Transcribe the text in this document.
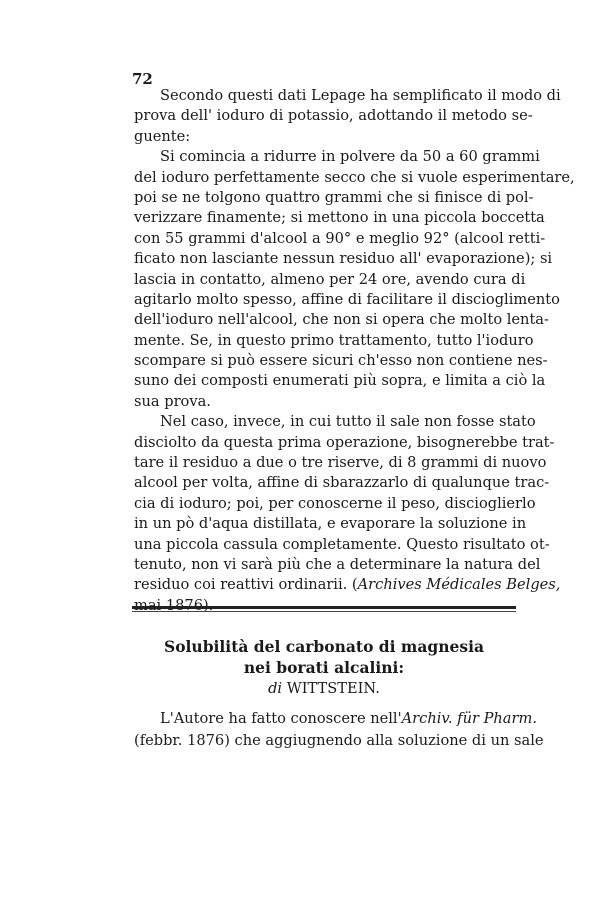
72
Secondo questi dati Lepage ha semplificato il modo di
prova dell' ioduro di potassio, adottando il metodo se-
guente:
Si comincia a ridurre in polvere da 50 a 60 grammi
del ioduro perfettamente secco che si vuole esperimentare,
poi se ne tolgono quattro grammi che si finisce di pol-
verizzare finamente; si mettono in una piccola boccetta
con 55 grammi d'alcool a 90° e meglio 92° (alcool retti-
ficato non lasciante nessun residuo all' evaporazione); si
lascia in contatto, almeno per 24 ore, avendo cura di
agitarlo molto spesso, affine di facilitare il discioglimento
dell'ioduro nell'alcool, che non si opera che molto lenta-
mente. Se, in questo primo trattamento, tutto l'ioduro
scompare si può essere sicuri ch'esso non contiene nes-
suno dei composti enumerati più sopra, e limita a ciò la
sua prova.
Nel caso, invece, in cui tutto il sale non fosse stato
disciolto da questa prima operazione, bisognerebbe trat-
tare il residuo a due o tre riserve, di 8 grammi di nuovo
alcool per volta, affine di sbarazzarlo di qualunque trac-
cia di ioduro; poi, per conoscerne il peso, discioglierlo
in un pò d'aqua distillata, e evaporare la soluzione in
una piccola cassula completamente. Questo risultato ot-
tenuto, non vi sarà più che a determinare la natura del
residuo coi reattivi ordinarii. (Archives Médicales Belges,
Solubilità del carbonato di magnesia
nei borati alcalini:
di WITTSTEIN.
L'Autore ha fatto conoscere nell'Archiv. für Pharm.
(febbr. 1876) che aggiugnendo alla soluzione di un sale
